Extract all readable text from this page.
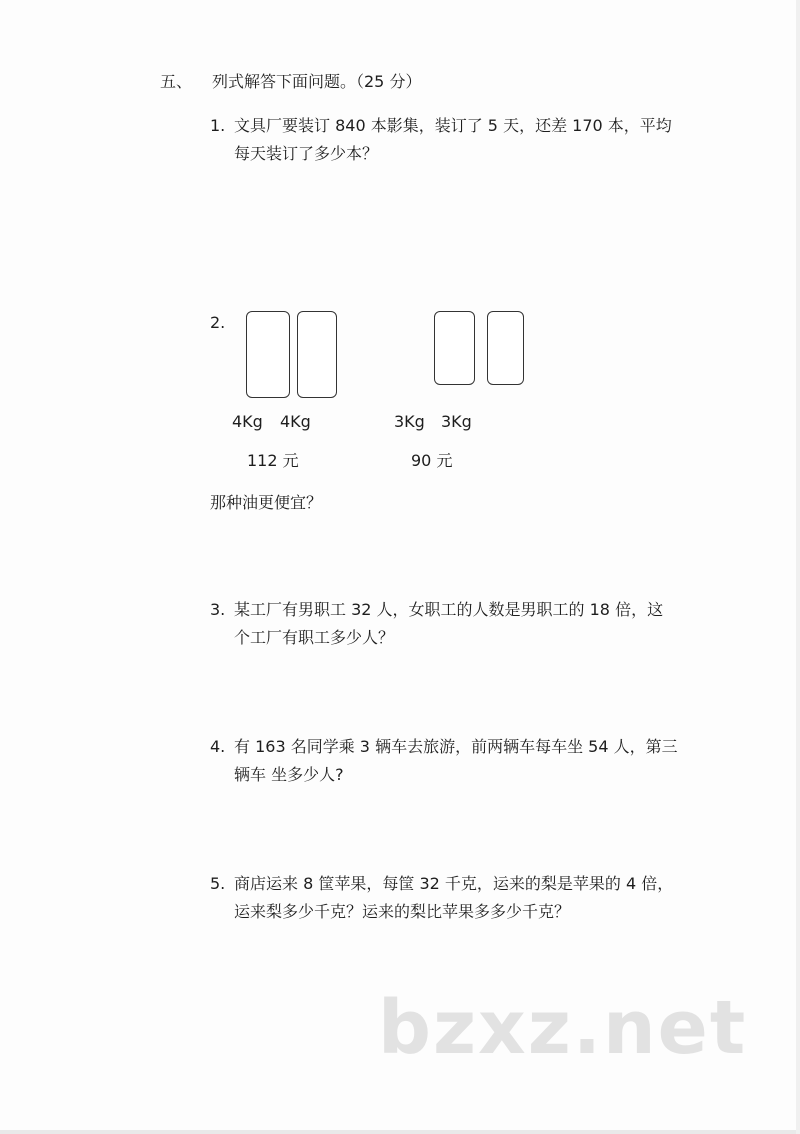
五、 列式解答下面问题。（25 分）
1. 文具厂要装订 840 本影集，装订了 5 天，还差 170 本，平均
每天装订了多少本？
2.
4Kg 4Kg	3Kg 3Kg
112 元	90 元
那种油更便宜？
3. 某工厂有男职工 32 人，女职工的人数是男职工的 18 倍，这
个工厂有职工多少人？
4. 有 163 名同学乘 3 辆车去旅游，前两辆车每车坐 54 人，第三
辆车 坐多少人?
5. 商店运来 8 筐苹果，每筐 32 千克，运来的梨是苹果的 4 倍，
运来梨多少千克？运来的梨比苹果多多少千克？
bzxz.net
